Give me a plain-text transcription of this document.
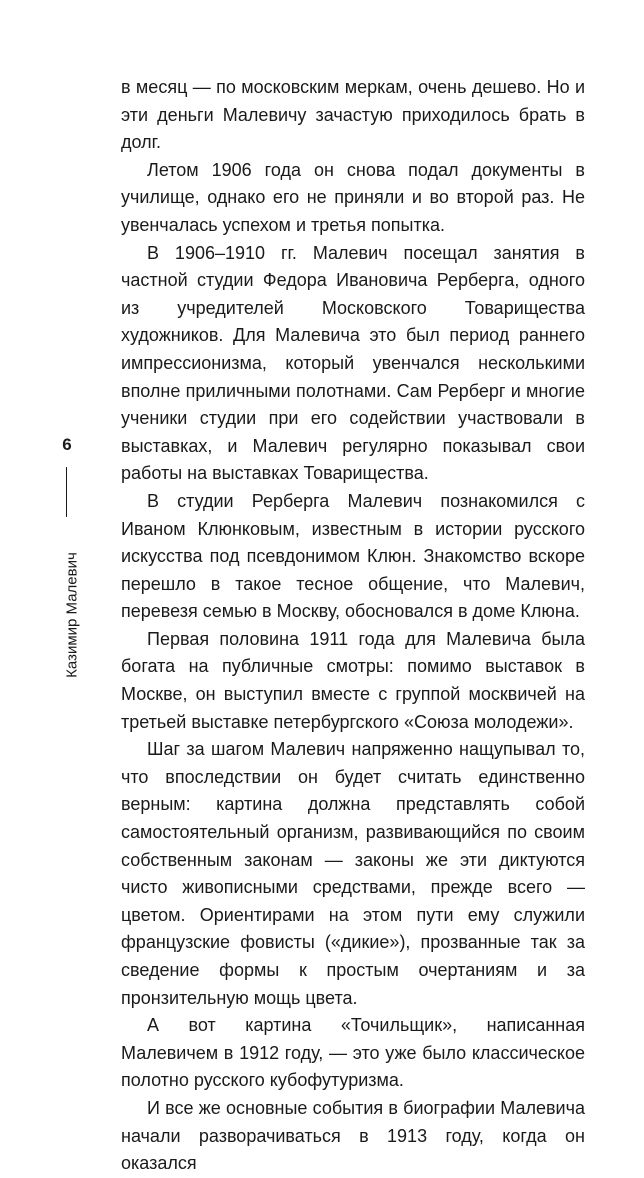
6
Казимир Малевич

в месяц — по московским меркам, очень дешево. Но и эти деньги Малевичу зачастую приходилось брать в долг.

Летом 1906 года он снова подал документы в училище, однако его не приняли и во второй раз. Не увенчалась успехом и третья попытка.

В 1906–1910 гг. Малевич посещал занятия в частной студии Федора Ивановича Рерберга, одного из учредителей Московского Товарищества художников. Для Малевича это был период раннего импрессионизма, который увенчался несколькими вполне приличными полотнами. Сам Рерберг и многие ученики студии при его содействии участвовали в выставках, и Малевич регулярно показывал свои работы на выставках Товарищества.

В студии Рерберга Малевич познакомился с Иваном Клюнковым, известным в истории русского искусства под псевдонимом Клюн. Знакомство вскоре перешло в такое тесное общение, что Малевич, перевезя семью в Москву, обосновался в доме Клюна.

Первая половина 1911 года для Малевича была богата на публичные смотры: помимо выставок в Москве, он выступил вместе с группой москвичей на третьей выставке петербургского «Союза молодежи».

Шаг за шагом Малевич напряженно нащупывал то, что впоследствии он будет считать единственно верным: картина должна представлять собой самостоятельный организм, развивающийся по своим собственным законам — законы же эти диктуются чисто живописными средствами, прежде всего — цветом. Ориентирами на этом пути ему служили французские фовисты («дикие»), прозванные так за сведение формы к простым очертаниям и за пронзительную мощь цвета.

А вот картина «Точильщик», написанная Малевичем в 1912 году, — это уже было классическое полотно русского кубофутуризма.

И все же основные события в биографии Малевича начали разворачиваться в 1913 году, когда он оказался
